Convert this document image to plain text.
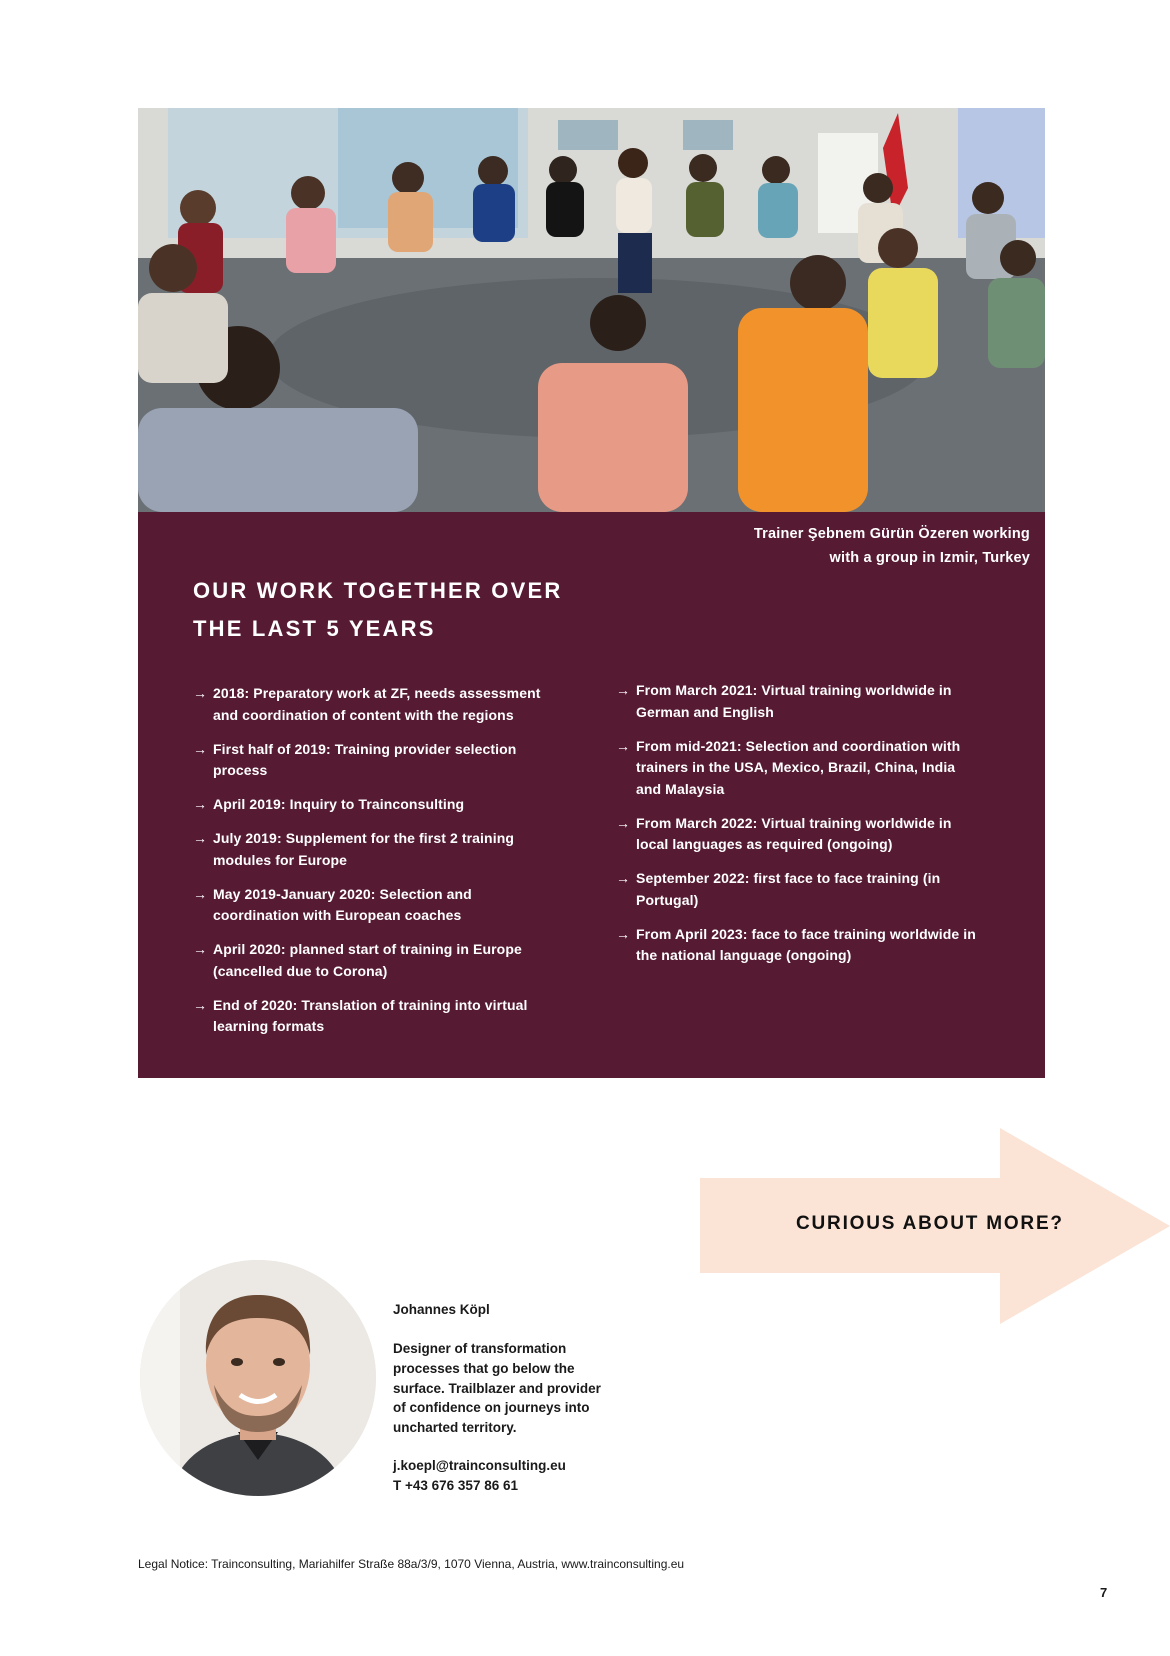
Trainer Şebnem Gürün Özeren working
with a group in Izmir, Turkey
OUR WORK TOGETHER OVER
THE LAST 5 YEARS
→ 2018: Preparatory work at ZF, needs assessment and coordination of content with the regions
→ First half of 2019: Training provider selection process
→ April 2019: Inquiry to Trainconsulting
→ July 2019: Supplement for the first 2 training modules for Europe
→ May 2019-January 2020: Selection and coordination with European coaches
→ April 2020: planned start of training in Europe (cancelled due to Corona)
→ End of 2020: Translation of training into virtual learning formats
→ From March 2021: Virtual training worldwide in German and English
→ From mid-2021: Selection and coordination with trainers in the USA, Mexico, Brazil, China, India and Malaysia
→ From March 2022: Virtual training worldwide in local languages as required (ongoing)
→ September 2022: first face to face training (in Portugal)
→ From April 2023: face to face training worldwide in the national language (ongoing)
CURIOUS ABOUT MORE?
Johannes Köpl
Designer of transformation processes that go below the surface. Trailblazer and provider of confidence on journeys into uncharted territory.
j.koepl@trainconsulting.eu
T +43 676 357 86 61
Legal Notice: Trainconsulting, Mariahilfer Straße 88a/3/9, 1070 Vienna, Austria, www.trainconsulting.eu
7
